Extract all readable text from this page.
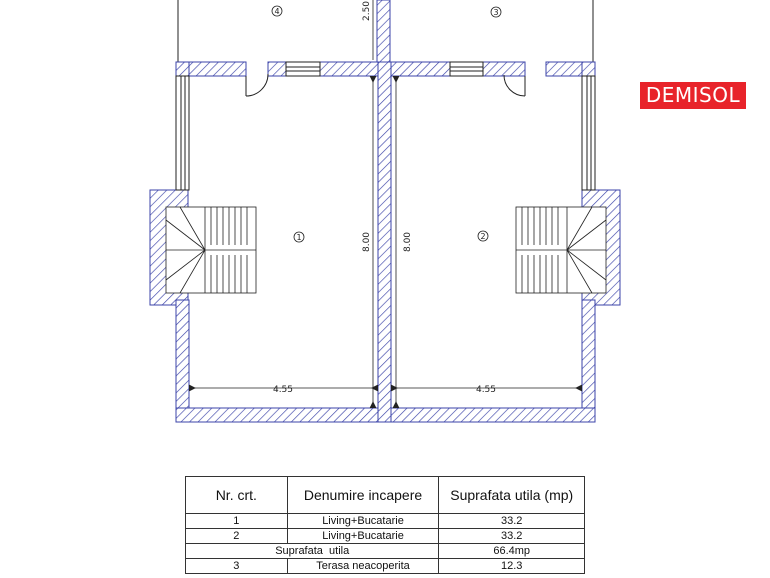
4	3
1	2
2.50
8.00	8.00
4.55	4.55
DEMISOL
Nr. crt.	Denumire incapere	Suprafata utila (mp)
1	Living+Bucatarie	33.2
2	Living+Bucatarie	33.2
Suprafata  utila		66.4mp
3	Terasa neacoperita	12.3
